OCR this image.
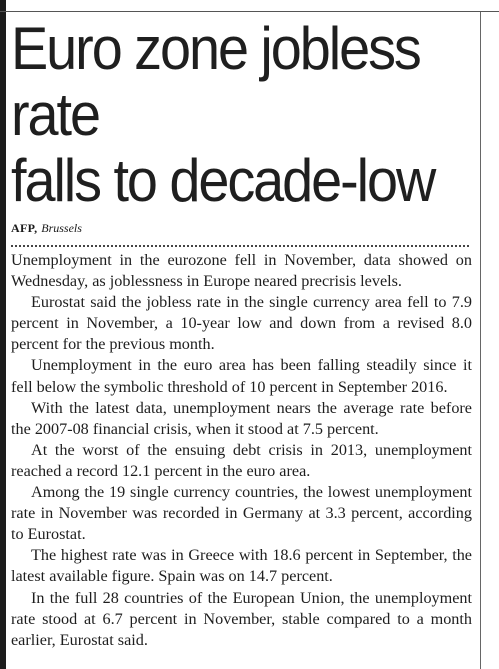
Euro zone jobless rate
falls to decade-low
AFP, Brussels

Unemployment in the eurozone fell in November, data showed on Wednesday, as joblessness in Europe neared precrisis levels.

Eurostat said the jobless rate in the single currency area fell to 7.9 percent in November, a 10-year low and down from a revised 8.0 percent for the previous month.

Unemployment in the euro area has been falling steadily since it fell below the symbolic threshold of 10 percent in September 2016.

With the latest data, unemployment nears the average rate before the 2007-08 financial crisis, when it stood at 7.5 percent.

At the worst of the ensuing debt crisis in 2013, unemployment reached a record 12.1 percent in the euro area.

Among the 19 single currency countries, the lowest unemployment rate in November was recorded in Germany at 3.3 percent, according to Eurostat.

The highest rate was in Greece with 18.6 percent in September, the latest available figure. Spain was on 14.7 percent.

In the full 28 countries of the European Union, the unemployment rate stood at 6.7 percent in November, stable compared to a month earlier, Eurostat said.
